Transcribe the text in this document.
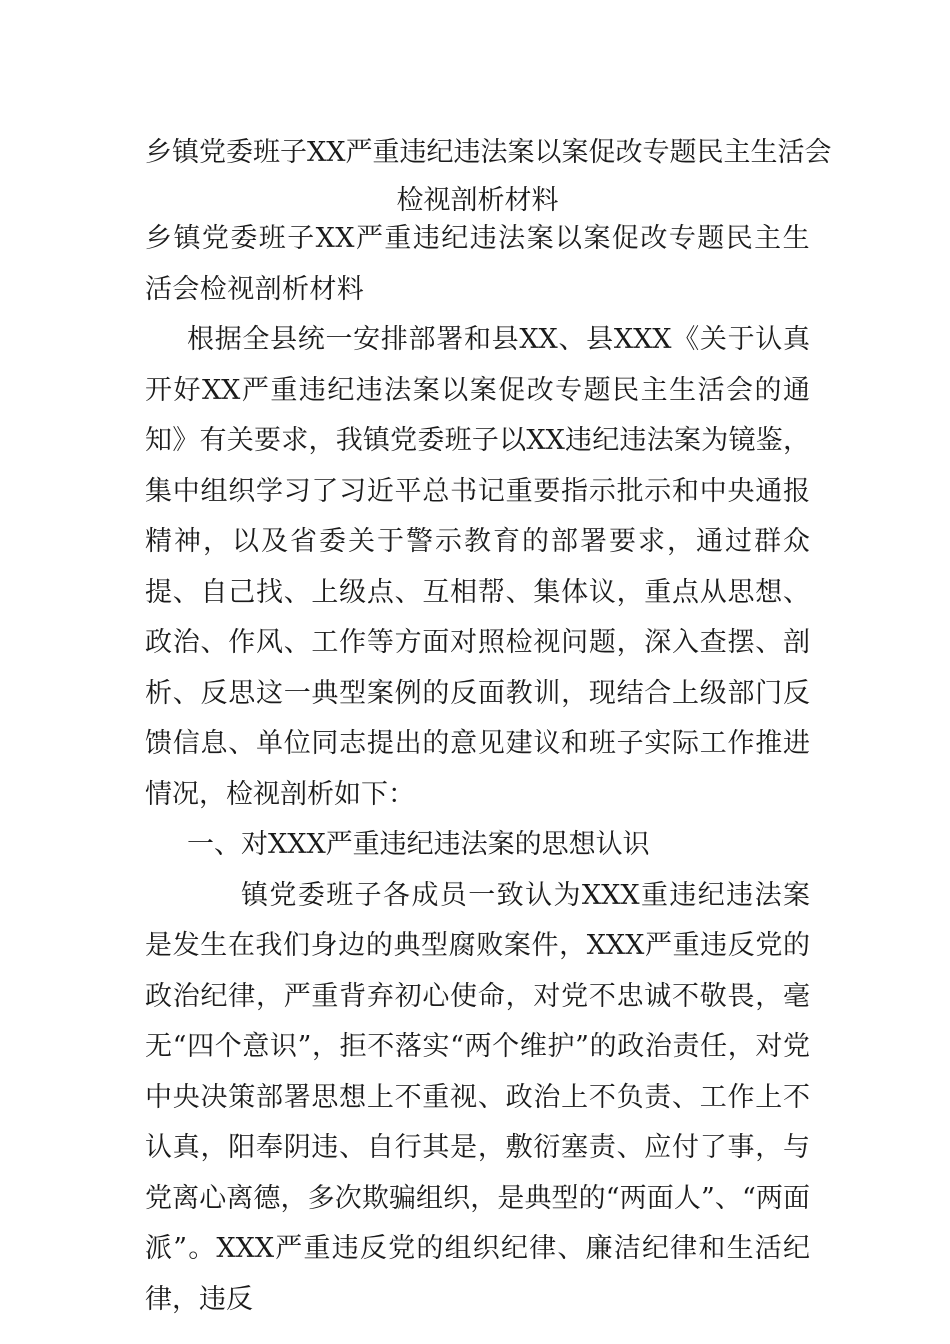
乡镇党委班子XX严重违纪违法案以案促改专题民主生活会
检视剖析材料

乡镇党委班子XX严重违纪违法案以案促改专题民主生活会检视剖析材料

根据全县统一安排部署和县XX、县XXX《关于认真开好XX严重违纪违法案以案促改专题民主生活会的通知》有关要求，我镇党委班子以XX违纪违法案为镜鉴，集中组织学习了习近平总书记重要指示批示和中央通报精神，以及省委关于警示教育的部署要求，通过群众提、自己找、上级点、互相帮、集体议，重点从思想、政治、作风、工作等方面对照检视问题，深入查摆、剖析、反思这一典型案例的反面教训，现结合上级部门反馈信息、单位同志提出的意见建议和班子实际工作推进情况，检视剖析如下：

一、对XXX严重违纪违法案的思想认识

镇党委班子各成员一致认为XXX重违纪违法案是发生在我们身边的典型腐败案件，XXX严重违反党的政治纪律，严重背弃初心使命，对党不忠诚不敬畏，毫无“四个意识”，拒不落实“两个维护”的政治责任，对党中央决策部署思想上不重视、政治上不负责、工作上不认真，阳奉阴违、自行其是，敷衍塞责、应付了事，与党离心离德，多次欺骗组织，是典型的“两面人”、“两面派”。XXX严重违反党的组织纪律、廉洁纪律和生活纪律，违反
